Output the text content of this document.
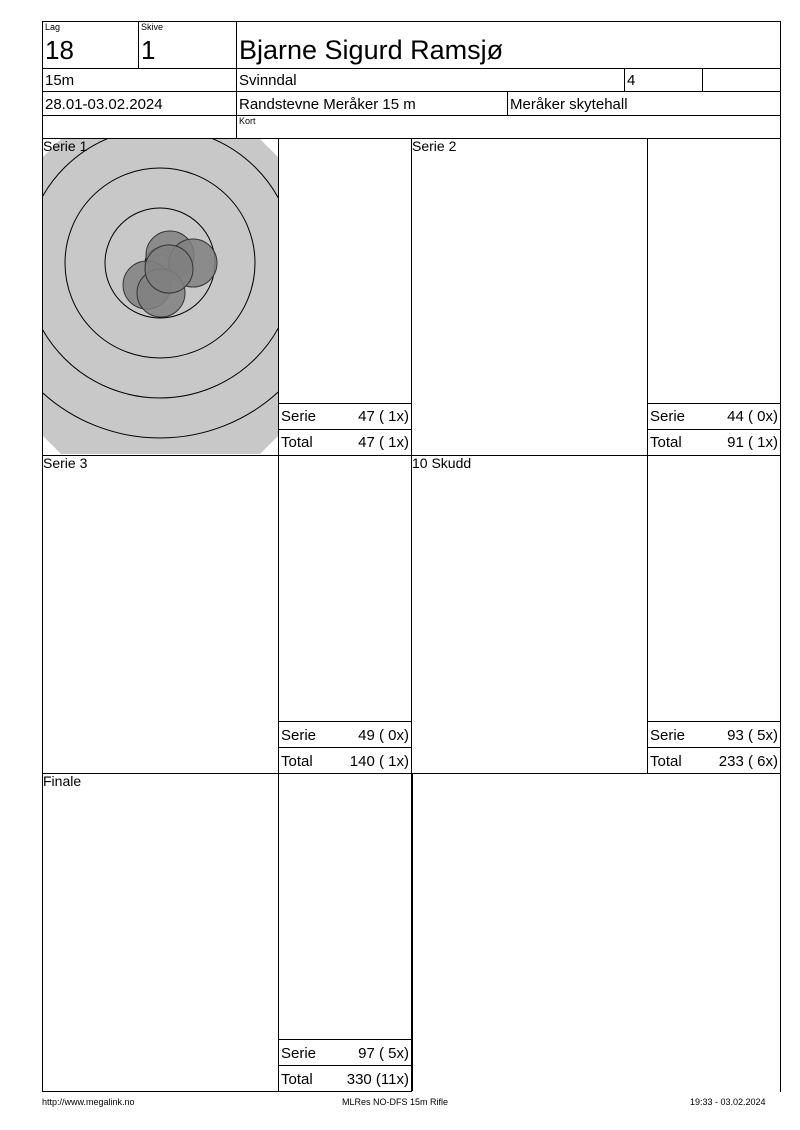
Lag
18
Skive
1	Bjarne Sigurd Ramsjø
15m	Svinndal	4
28.01-03.02.2024	Randstevne Meråker 15 m	Meråker skytehall
Kort
Serie 1	Serie 2
Serie 3	10 Skudd
Finale
Serie	47 ( 1x)
Total	47 ( 1x)
Serie	44 ( 0x)
Total	91 ( 1x)
Serie	49 ( 0x)
Total	140 ( 1x)
Serie	93 ( 5x)
Total	233 ( 6x)
Serie	97 ( 5x)
Total	330 (11x)
http://www.megalink.no	MLRes NO-DFS 15m Rifle	19:33 - 03.02.2024
